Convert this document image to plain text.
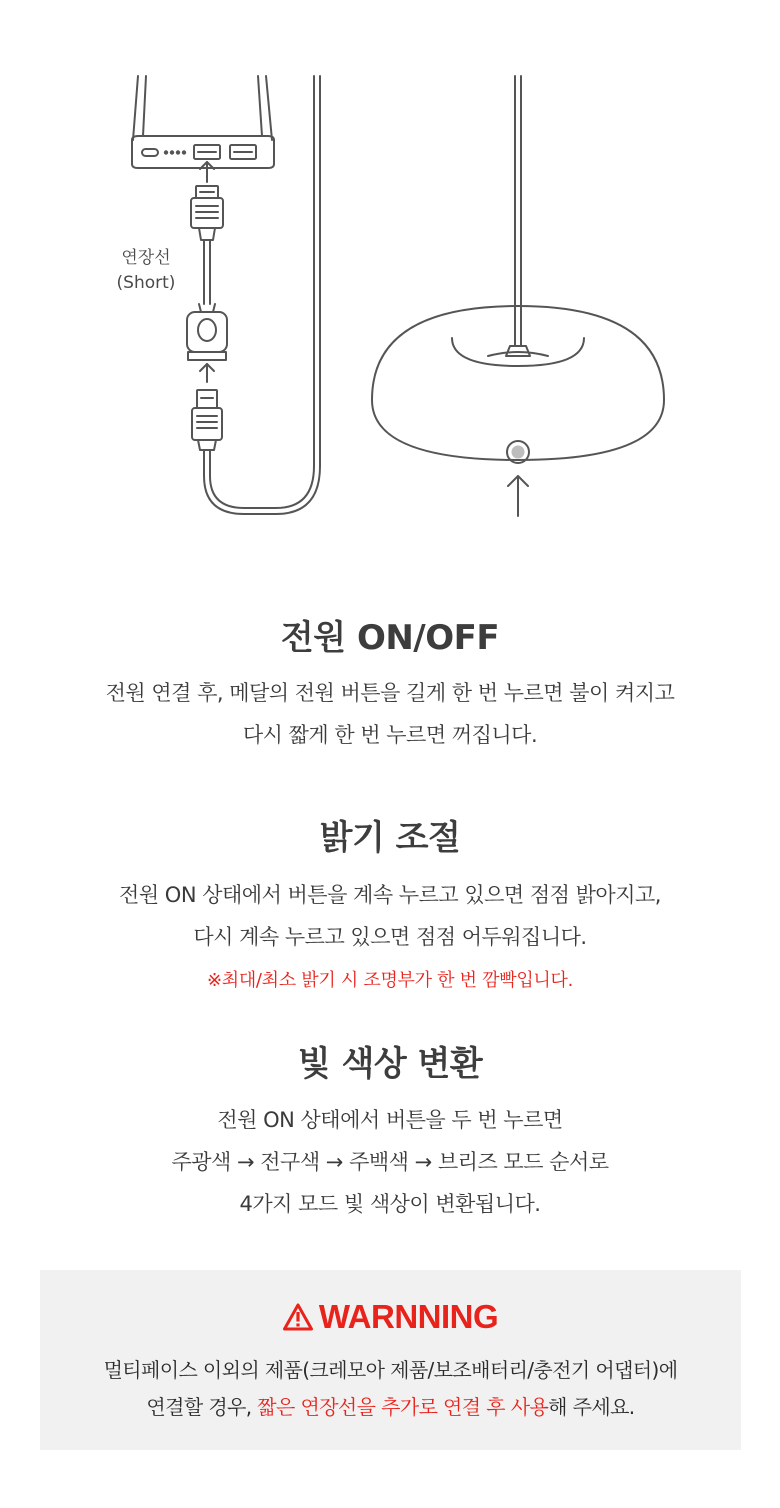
연장선
(Short)
전원 ON/OFF
전원 연결 후, 메달의 전원 버튼을 길게 한 번 누르면 불이 켜지고
다시 짧게 한 번 누르면 꺼집니다.
밝기 조절
전원 ON 상태에서 버튼을 계속 누르고 있으면 점점 밝아지고,
다시 계속 누르고 있으면 점점 어두워집니다.
※최대/최소 밝기 시 조명부가 한 번 깜빡입니다.
빛 색상 변환
전원 ON 상태에서 버튼을 두 번 누르면
주광색 → 전구색 → 주백색 → 브리즈 모드 순서로
4가지 모드 빛 색상이 변환됩니다.
WARNNING
멀티페이스 이외의 제품(크레모아 제품/보조배터리/충전기 어댑터)에
연결할 경우, 짧은 연장선을 추가로 연결 후 사용해 주세요.
